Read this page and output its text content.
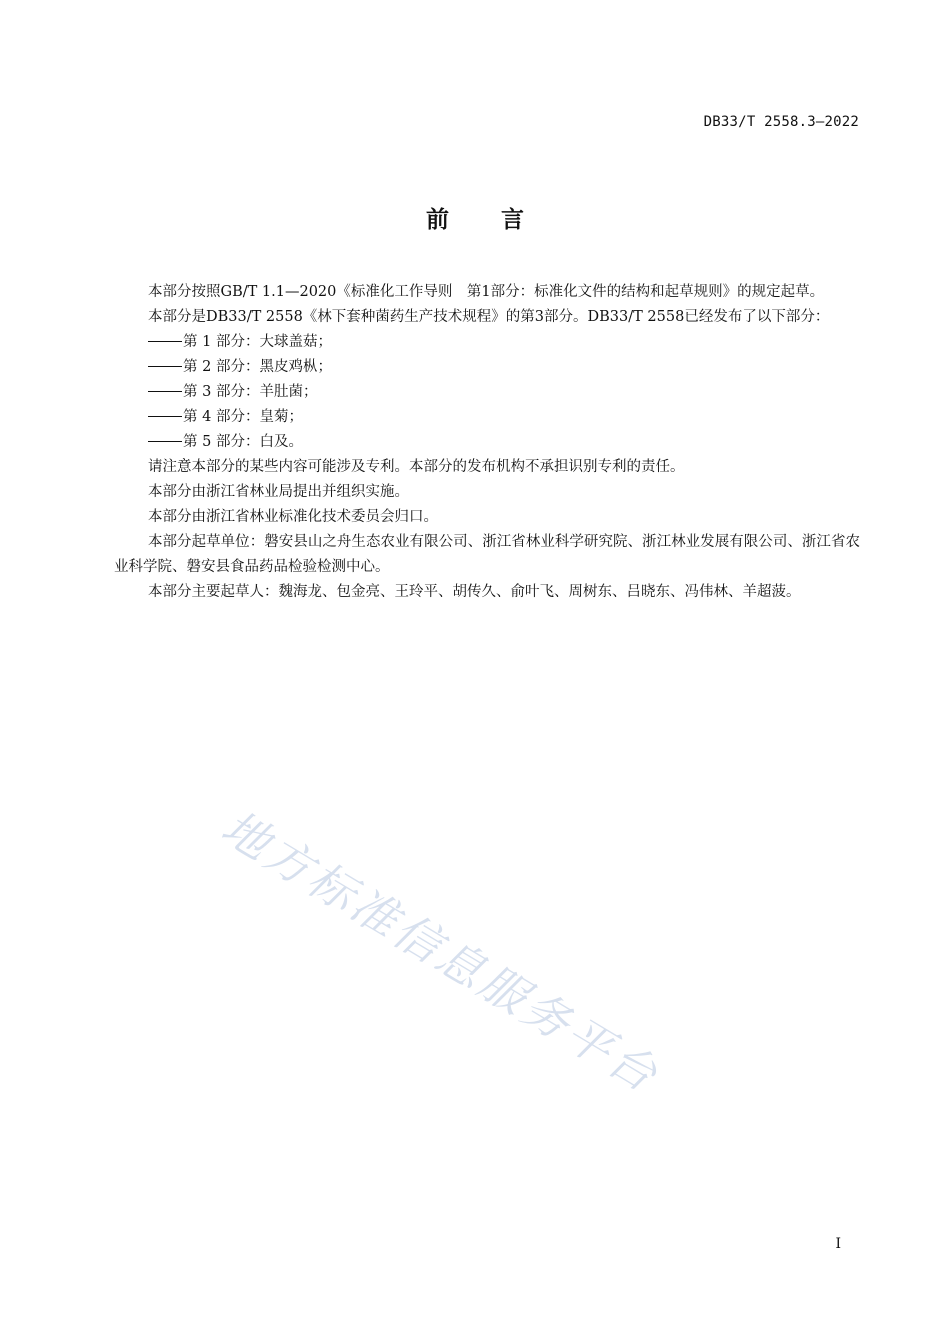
DB33/T 2558.3—2022
前 言

本部分按照GB/T 1.1—2020《标准化工作导则　第1部分：标准化文件的结构和起草规则》的规定起草。

本部分是DB33/T 2558《林下套种菌药生产技术规程》的第3部分。DB33/T 2558已经发布了以下部分：

第 1 部分：大球盖菇；

第 2 部分：黑皮鸡枞；

第 3 部分：羊肚菌；

第 4 部分：皇菊；

第 5 部分：白及。

请注意本部分的某些内容可能涉及专利。本部分的发布机构不承担识别专利的责任。

本部分由浙江省林业局提出并组织实施。

本部分由浙江省林业标准化技术委员会归口。

本部分起草单位：磐安县山之舟生态农业有限公司、浙江省林业科学研究院、浙江林业发展有限公司、浙江省农业科学院、磐安县食品药品检验检测中心。

本部分主要起草人：魏海龙、包金亮、王玲平、胡传久、俞叶飞、周树东、吕晓东、冯伟林、羊超菠。

地方标准信息服务平台
I
